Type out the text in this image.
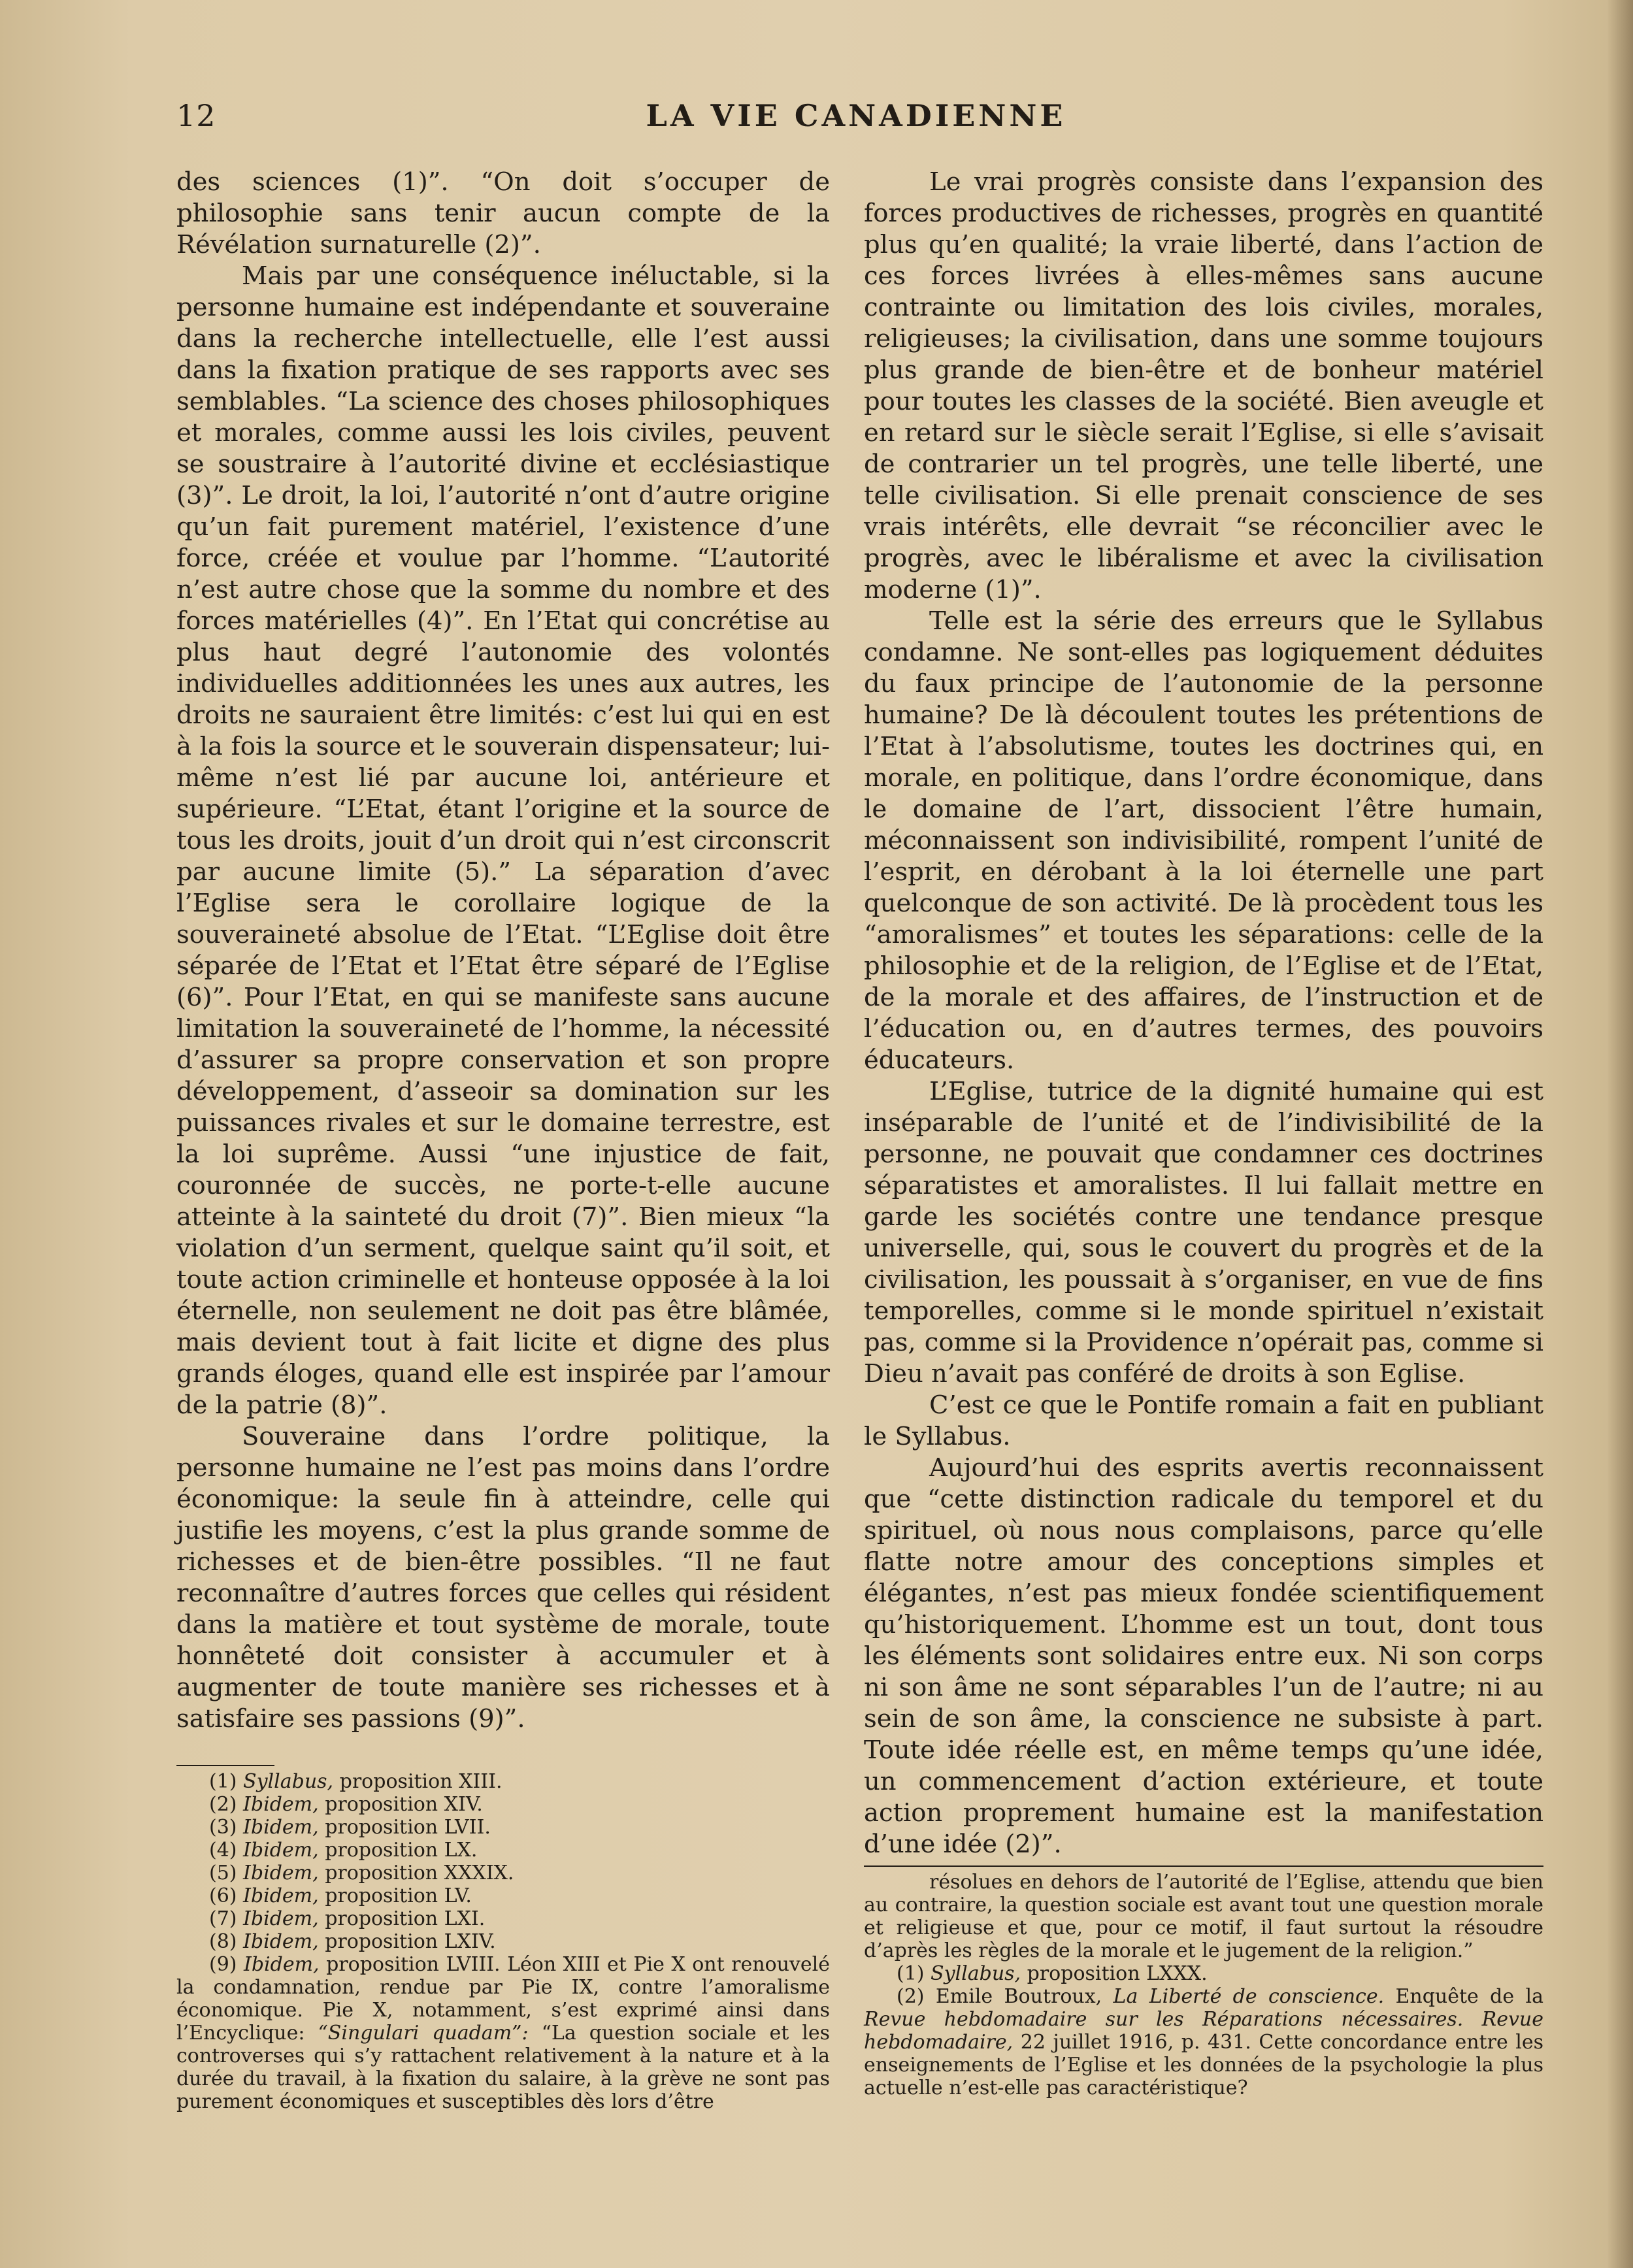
12	LA VIE CANADIENNE

des sciences (1)”. “On doit s’occuper de philosophie sans tenir aucun compte de la Révélation surnaturelle (2)”.

Mais par une conséquence inéluctable, si la personne humaine est indépendante et souveraine dans la recherche intellectuelle, elle l’est aussi dans la fixation pratique de ses rapports avec ses semblables. “La science des choses philosophiques et morales, comme aussi les lois civiles, peuvent se soustraire à l’autorité divine et ecclésiastique (3)”. Le droit, la loi, l’autorité n’ont d’autre origine qu’un fait purement matériel, l’existence d’une force, créée et voulue par l’homme. “L’autorité n’est autre chose que la somme du nombre et des forces matérielles (4)”. En l’Etat qui concrétise au plus haut degré l’autonomie des volontés individuelles additionnées les unes aux autres, les droits ne sauraient être limités: c’est lui qui en est à la fois la source et le souverain dispensateur; lui-même n’est lié par aucune loi, antérieure et supérieure. “L’Etat, étant l’origine et la source de tous les droits, jouit d’un droit qui n’est circonscrit par aucune limite (5).” La séparation d’avec l’Eglise sera le corollaire logique de la souveraineté absolue de l’Etat. “L’Eglise doit être séparée de l’Etat et l’Etat être séparé de l’Eglise (6)”. Pour l’Etat, en qui se manifeste sans aucune limitation la souveraineté de l’homme, la nécessité d’assurer sa propre conservation et son propre développement, d’asseoir sa domination sur les puissances rivales et sur le domaine terrestre, est la loi suprême. Aussi “une injustice de fait, couronnée de succès, ne porte-t-elle aucune atteinte à la sainteté du droit (7)”. Bien mieux “la violation d’un serment, quelque saint qu’il soit, et toute action criminelle et honteuse opposée à la loi éternelle, non seulement ne doit pas être blâmée, mais devient tout à fait licite et digne des plus grands éloges, quand elle est inspirée par l’amour de la patrie (8)”.

Souveraine dans l’ordre politique, la personne humaine ne l’est pas moins dans l’ordre économique: la seule fin à atteindre, celle qui justifie les moyens, c’est la plus grande somme de richesses et de bien-être possibles. “Il ne faut reconnaître d’autres forces que celles qui résident dans la matière et tout système de morale, toute honnêteté doit consister à accumuler et à augmenter de toute manière ses richesses et à satisfaire ses passions (9)”.

(1) Syllabus, proposition XIII.
(2) Ibidem, proposition XIV.
(3) Ibidem, proposition LVII.
(4) Ibidem, proposition LX.
(5) Ibidem, proposition XXXIX.
(6) Ibidem, proposition LV.
(7) Ibidem, proposition LXI.
(8) Ibidem, proposition LXIV.
(9) Ibidem, proposition LVIII. Léon XIII et Pie X ont renouvelé la condamnation, rendue par Pie IX, contre l’amoralisme économique. Pie X, notamment, s’est exprimé ainsi dans l’Encyclique: “Singulari quadam”: “La question sociale et les controverses qui s’y rattachent relativement à la nature et à la durée du travail, à la fixation du salaire, à la grève ne sont pas purement économiques et susceptibles dès lors d’être

Le vrai progrès consiste dans l’expansion des forces productives de richesses, progrès en quantité plus qu’en qualité; la vraie liberté, dans l’action de ces forces livrées à elles-mêmes sans aucune contrainte ou limitation des lois civiles, morales, religieuses; la civilisation, dans une somme toujours plus grande de bien-être et de bonheur matériel pour toutes les classes de la société. Bien aveugle et en retard sur le siècle serait l’Eglise, si elle s’avisait de contrarier un tel progrès, une telle liberté, une telle civilisation. Si elle prenait conscience de ses vrais intérêts, elle devrait “se réconcilier avec le progrès, avec le libéralisme et avec la civilisation moderne (1)”.

Telle est la série des erreurs que le Syllabus condamne. Ne sont-elles pas logiquement déduites du faux principe de l’autonomie de la personne humaine? De là découlent toutes les prétentions de l’Etat à l’absolutisme, toutes les doctrines qui, en morale, en politique, dans l’ordre économique, dans le domaine de l’art, dissocient l’être humain, méconnaissent son indivisibilité, rompent l’unité de l’esprit, en dérobant à la loi éternelle une part quelconque de son activité. De là procèdent tous les “amoralismes” et toutes les séparations: celle de la philosophie et de la religion, de l’Eglise et de l’Etat, de la morale et des affaires, de l’instruction et de l’éducation ou, en d’autres termes, des pouvoirs éducateurs.

L’Eglise, tutrice de la dignité humaine qui est inséparable de l’unité et de l’indivisibilité de la personne, ne pouvait que condamner ces doctrines séparatistes et amoralistes. Il lui fallait mettre en garde les sociétés contre une tendance presque universelle, qui, sous le couvert du progrès et de la civilisation, les poussait à s’organiser, en vue de fins temporelles, comme si le monde spirituel n’existait pas, comme si la Providence n’opérait pas, comme si Dieu n’avait pas conféré de droits à son Eglise.

C’est ce que le Pontife romain a fait en publiant le Syllabus.

Aujourd’hui des esprits avertis reconnaissent que “cette distinction radicale du temporel et du spirituel, où nous nous complaisons, parce qu’elle flatte notre amour des conceptions simples et élégantes, n’est pas mieux fondée scientifiquement qu’historiquement. L’homme est un tout, dont tous les éléments sont solidaires entre eux. Ni son corps ni son âme ne sont séparables l’un de l’autre; ni au sein de son âme, la conscience ne subsiste à part. Toute idée réelle est, en même temps qu’une idée, un commencement d’action extérieure, et toute action proprement humaine est la manifestation d’une idée (2)”.

résolues en dehors de l’autorité de l’Eglise, attendu que bien au contraire, la question sociale est avant tout une question morale et religieuse et que, pour ce motif, il faut surtout la résoudre d’après les règles de la morale et le jugement de la religion.”

(1) Syllabus, proposition LXXX.

(2) Emile Boutroux, La Liberté de conscience. Enquête de la Revue hebdomadaire sur les Réparations nécessaires. Revue hebdomadaire, 22 juillet 1916, p. 431. Cette concordance entre les enseignements de l’Eglise et les données de la psychologie la plus actuelle n’est-elle pas caractéristique?
